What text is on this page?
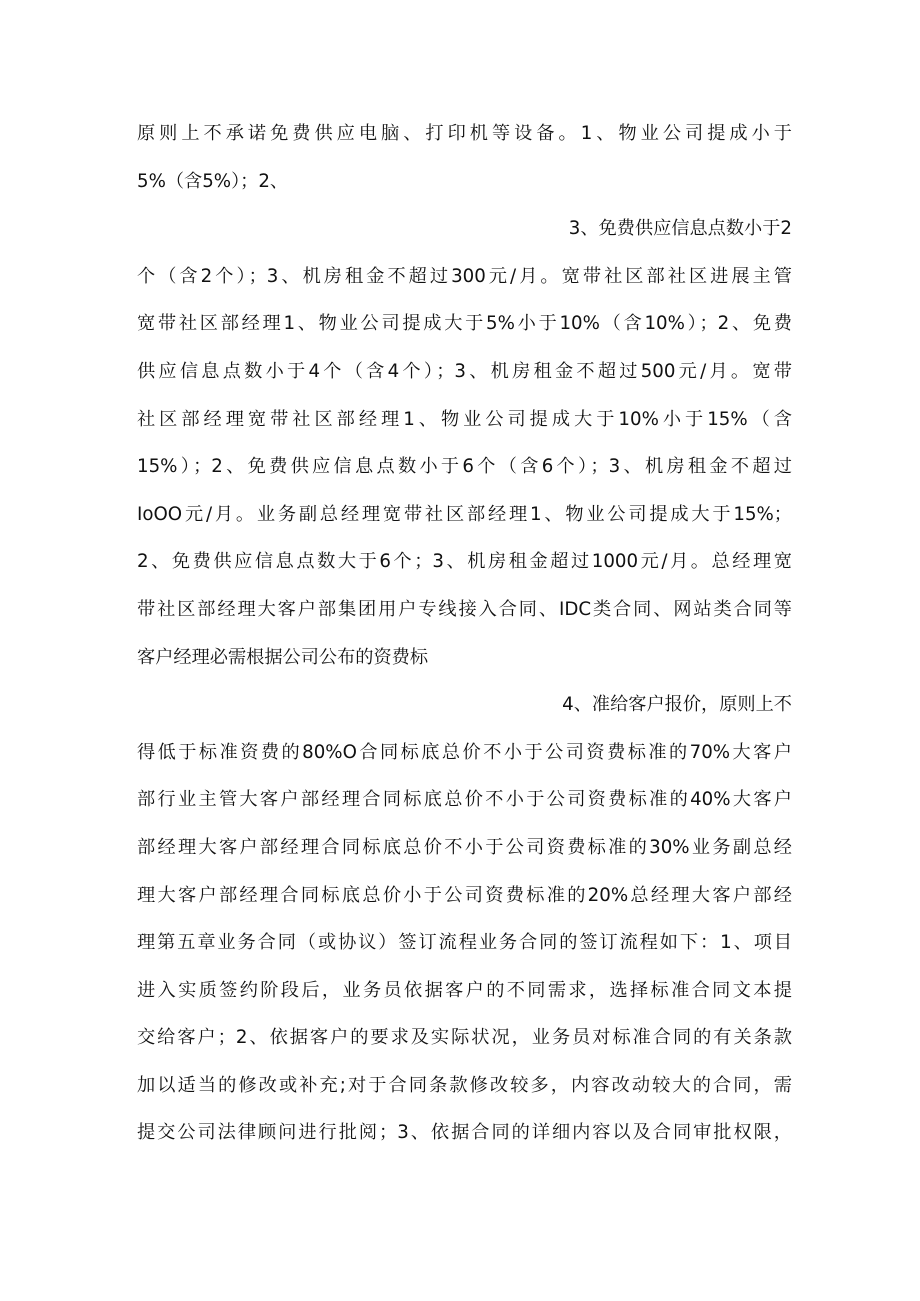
原则上不承诺免费供应电脑、打印机等设备。1、物业公司提成小于
5%（含5%）；2、
3、免费供应信息点数小于2
个（含2个）；3、机房租金不超过300元/月。宽带社区部社区进展主管
宽带社区部经理1、物业公司提成大于5%小于10%（含10%）；2、免费
供应信息点数小于4个（含4个）；3、机房租金不超过500元/月。宽带
社区部经理宽带社区部经理1、物业公司提成大于10%小于15%（含
15%）；2、免费供应信息点数小于6个（含6个）；3、机房租金不超过
IoOO元/月。业务副总经理宽带社区部经理1、物业公司提成大于15%；
2、免费供应信息点数大于6个；3、机房租金超过1000元/月。总经理宽
带社区部经理大客户部集团用户专线接入合同、IDC类合同、网站类合同等
客户经理必需根据公司公布的资费标
4、准给客户报价，原则上不
得低于标准资费的80%O合同标底总价不小于公司资费标准的70%大客户
部行业主管大客户部经理合同标底总价不小于公司资费标准的40%大客户
部经理大客户部经理合同标底总价不小于公司资费标准的30%业务副总经
理大客户部经理合同标底总价小于公司资费标准的20%总经理大客户部经
理第五章业务合同（或协议）签订流程业务合同的签订流程如下：1、项目
进入实质签约阶段后，业务员依据客户的不同需求，选择标准合同文本提
交给客户；2、依据客户的要求及实际状况，业务员对标准合同的有关条款
加以适当的修改或补充;对于合同条款修改较多，内容改动较大的合同，需
提交公司法律顾问进行批阅；3、依据合同的详细内容以及合同审批权限，
